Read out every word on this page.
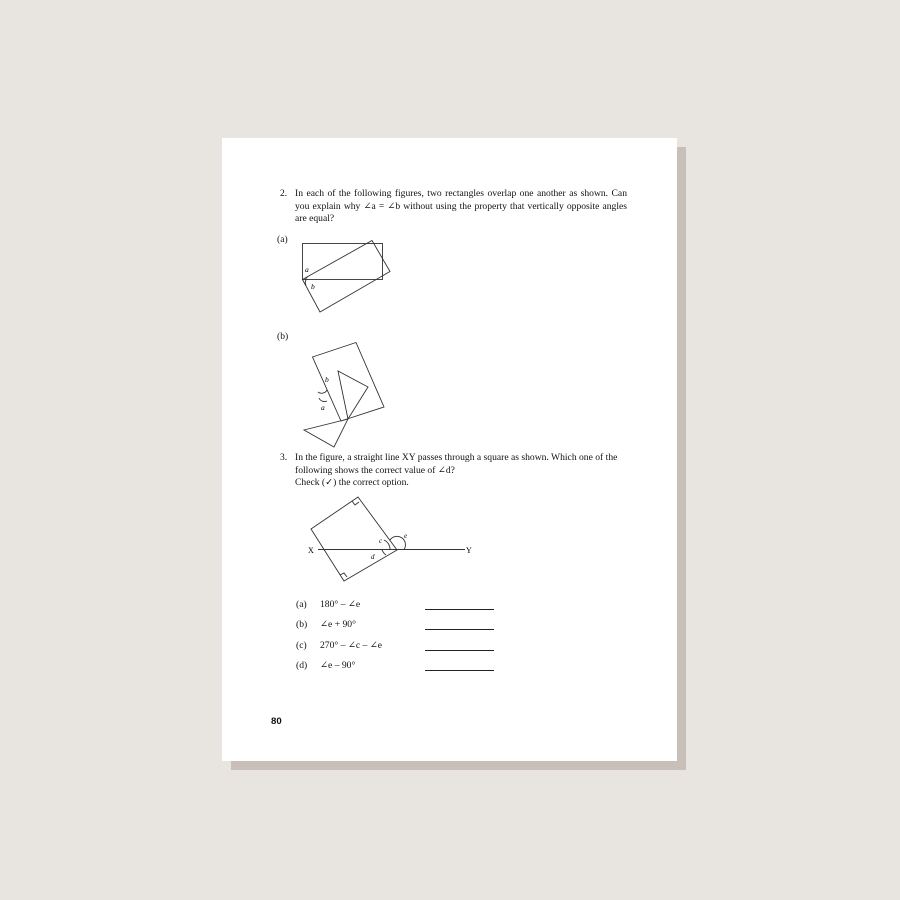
2. In each of the following figures, two rectangles overlap one another as shown. Can you explain why ∠a = ∠b without using the property that vertically opposite angles are equal?
(a)
a
b
(b)
b
a
3. In the figure, a straight line XY passes through a square as shown. Which one of the following shows the correct value of ∠d?
Check (✓) the correct option.
X	Y
c
d
e
(a) 180° – ∠e
(b) ∠e + 90°
(c) 270° – ∠c – ∠e
(d) ∠e – 90°
80
